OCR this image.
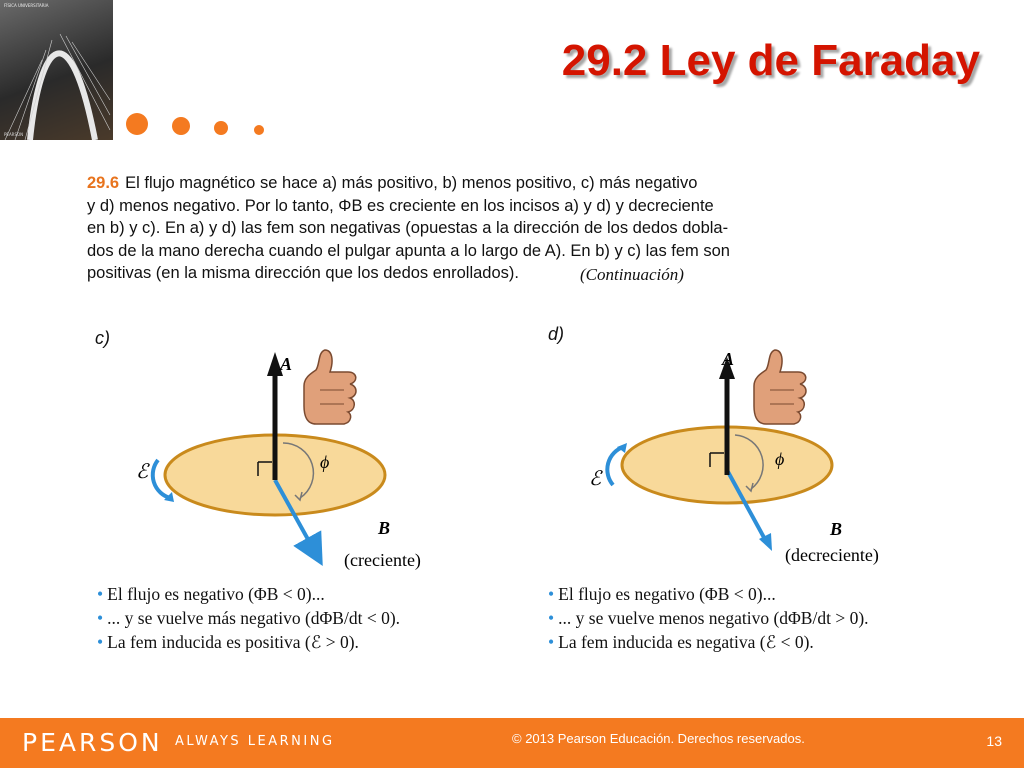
FÍSICA UNIVERSITARIA
PEARSON
29.2 Ley de Faraday
29.6 El flujo magnético se hace a) más positivo, b) menos positivo, c) más negativo
y d) menos negativo. Por lo tanto, ΦB es creciente en los incisos a) y d) y decreciente
en b) y c). En a) y d) las fem son negativas (opuestas a la dirección de los dedos dobla-
dos de la mano derecha cuando el pulgar apunta a lo largo de A). En b) y c) las fem son
positivas (en la misma dirección que los dedos enrollados).	(Continuación)
c)
A
ϕ
ℰ
B
(creciente)
• El flujo es negativo (ΦB < 0)...
• ... y se vuelve más negativo (dΦB/dt < 0).
• La fem inducida es positiva (ℰ > 0).
d)
A
ϕ
ℰ
B
(decreciente)
• El flujo es negativo (ΦB < 0)...
• ... y se vuelve menos negativo (dΦB/dt > 0).
• La fem inducida es negativa (ℰ < 0).
PEARSON ALWAYS LEARNING	© 2013 Pearson Educación. Derechos reservados.	13
